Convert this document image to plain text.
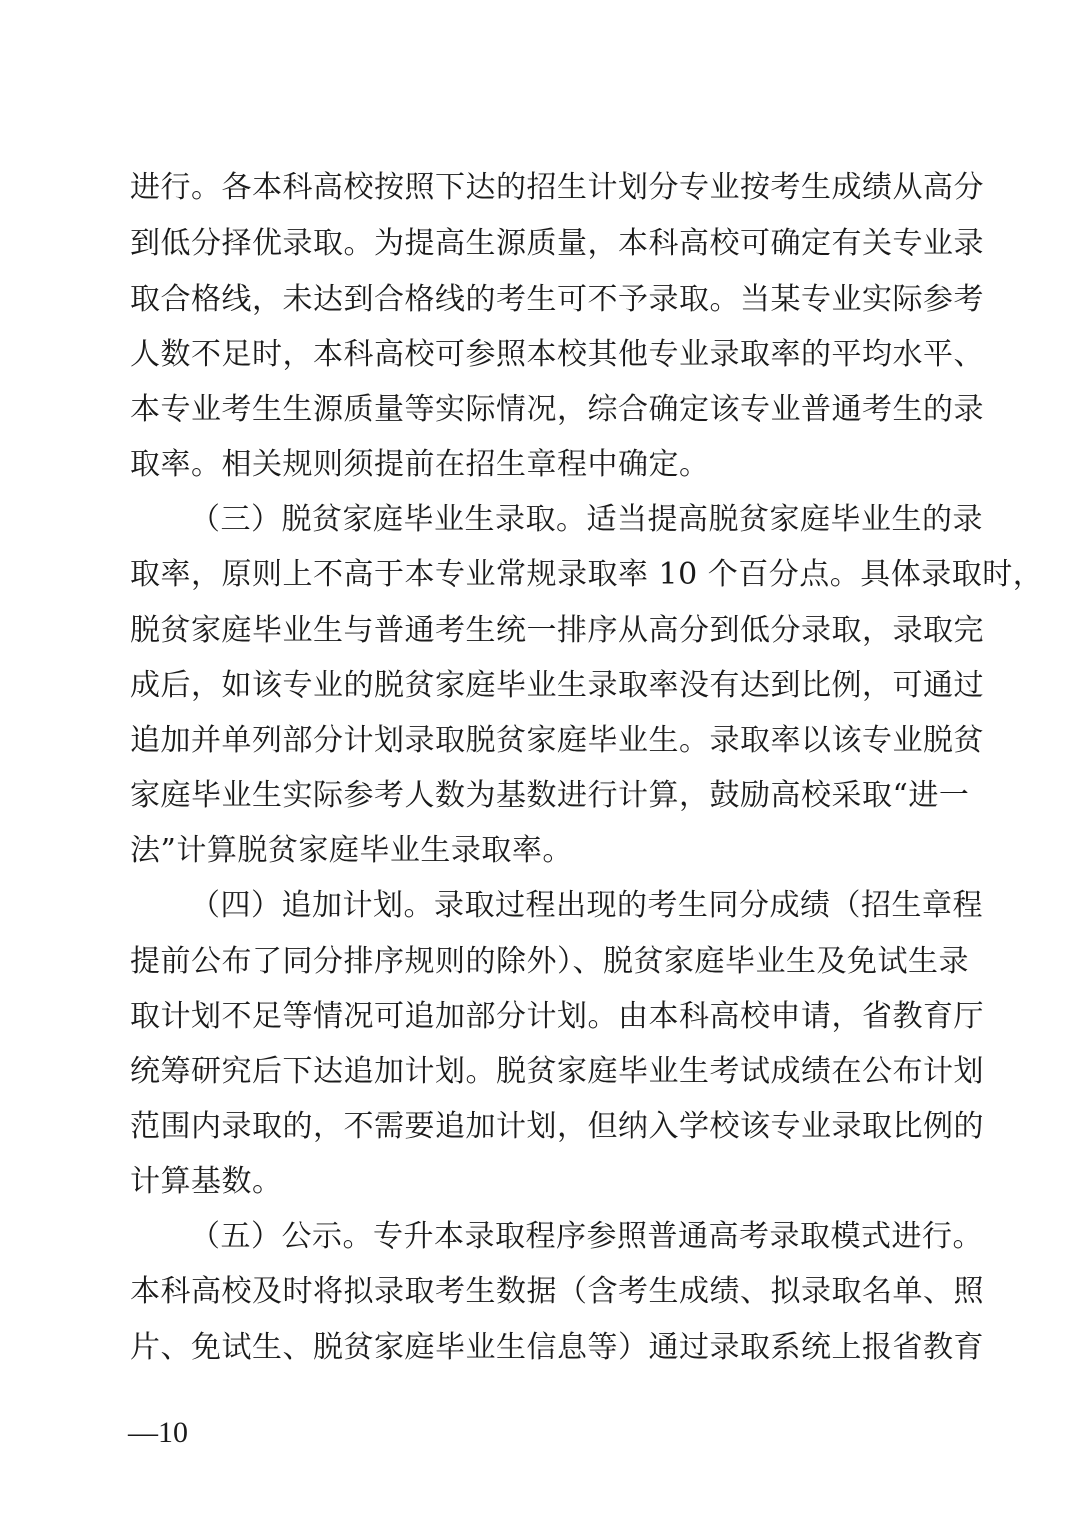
进行。各本科高校按照下达的招生计划分专业按考生成绩从高分
到低分择优录取。为提高生源质量，本科高校可确定有关专业录
取合格线，未达到合格线的考生可不予录取。当某专业实际参考
人数不足时，本科高校可参照本校其他专业录取率的平均水平、
本专业考生生源质量等实际情况，综合确定该专业普通考生的录
取率。相关规则须提前在招生章程中确定。
（三）脱贫家庭毕业生录取。适当提高脱贫家庭毕业生的录
取率，原则上不高于本专业常规录取率 10 个百分点。具体录取时，
脱贫家庭毕业生与普通考生统一排序从高分到低分录取，录取完
成后，如该专业的脱贫家庭毕业生录取率没有达到比例，可通过
追加并单列部分计划录取脱贫家庭毕业生。录取率以该专业脱贫
家庭毕业生实际参考人数为基数进行计算，鼓励高校采取“进一
法”计算脱贫家庭毕业生录取率。
（四）追加计划。录取过程出现的考生同分成绩（招生章程
提前公布了同分排序规则的除外）、脱贫家庭毕业生及免试生录
取计划不足等情况可追加部分计划。由本科高校申请，省教育厅
统筹研究后下达追加计划。脱贫家庭毕业生考试成绩在公布计划
范围内录取的，不需要追加计划，但纳入学校该专业录取比例的
计算基数。
（五）公示。专升本录取程序参照普通高考录取模式进行。
本科高校及时将拟录取考生数据（含考生成绩、拟录取名单、照
片、免试生、脱贫家庭毕业生信息等）通过录取系统上报省教育
—10
